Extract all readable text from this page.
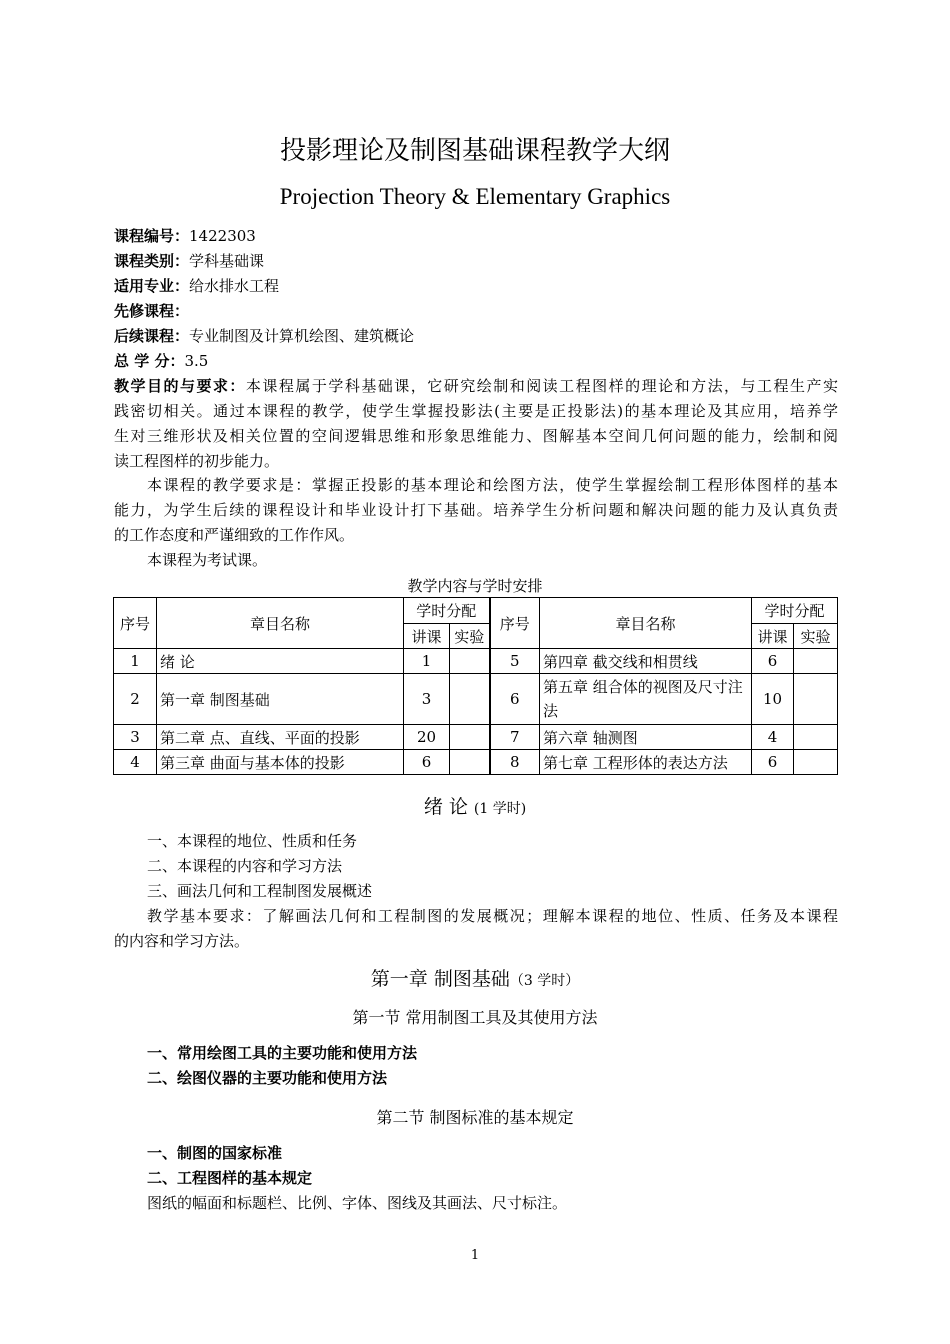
投影理论及制图基础课程教学大纲
Projection Theory & Elementary Graphics
课程编号：1422303
课程类别：学科基础课
适用专业：给水排水工程
先修课程：
后续课程：专业制图及计算机绘图、建筑概论
总 学 分：3.5
教学目的与要求：本课程属于学科基础课，它研究绘制和阅读工程图样的理论和方法，与工程生产实
践密切相关。通过本课程的教学，使学生掌握投影法(主要是正投影法)的基本理论及其应用，培养学
生对三维形状及相关位置的空间逻辑思维和形象思维能力、图解基本空间几何问题的能力，绘制和阅
读工程图样的初步能力。
本课程的教学要求是：掌握正投影的基本理论和绘图方法，使学生掌握绘制工程形体图样的基本
能力，为学生后续的课程设计和毕业设计打下基础。培养学生分析问题和解决问题的能力及认真负责
的工作态度和严谨细致的工作作风。
本课程为考试课。
教学内容与学时安排
序号	章目名称	学时分配		序号	章目名称	学时分配	
		讲课	实验			讲课	实验
1	绪 论	1		5	第四章 截交线和相贯线	6	
2	第一章 制图基础	3		6	第五章 组合体的视图及尺寸注法	10	
3	第二章 点、直线、平面的投影	20		7	第六章 轴测图	4	
4	第三章 曲面与基本体的投影	6		8	第七章 工程形体的表达方法	6	
绪 论 (1 学时)
一、本课程的地位、性质和任务
二、本课程的内容和学习方法
三、画法几何和工程制图发展概述
教学基本要求：了解画法几何和工程制图的发展概况；理解本课程的地位、性质、任务及本课程
的内容和学习方法。
第一章 制图基础（3 学时）
第一节 常用制图工具及其使用方法
一、常用绘图工具的主要功能和使用方法
二、绘图仪器的主要功能和使用方法
第二节 制图标准的基本规定
一、制图的国家标准
二、工程图样的基本规定
图纸的幅面和标题栏、比例、字体、图线及其画法、尺寸标注。
1
